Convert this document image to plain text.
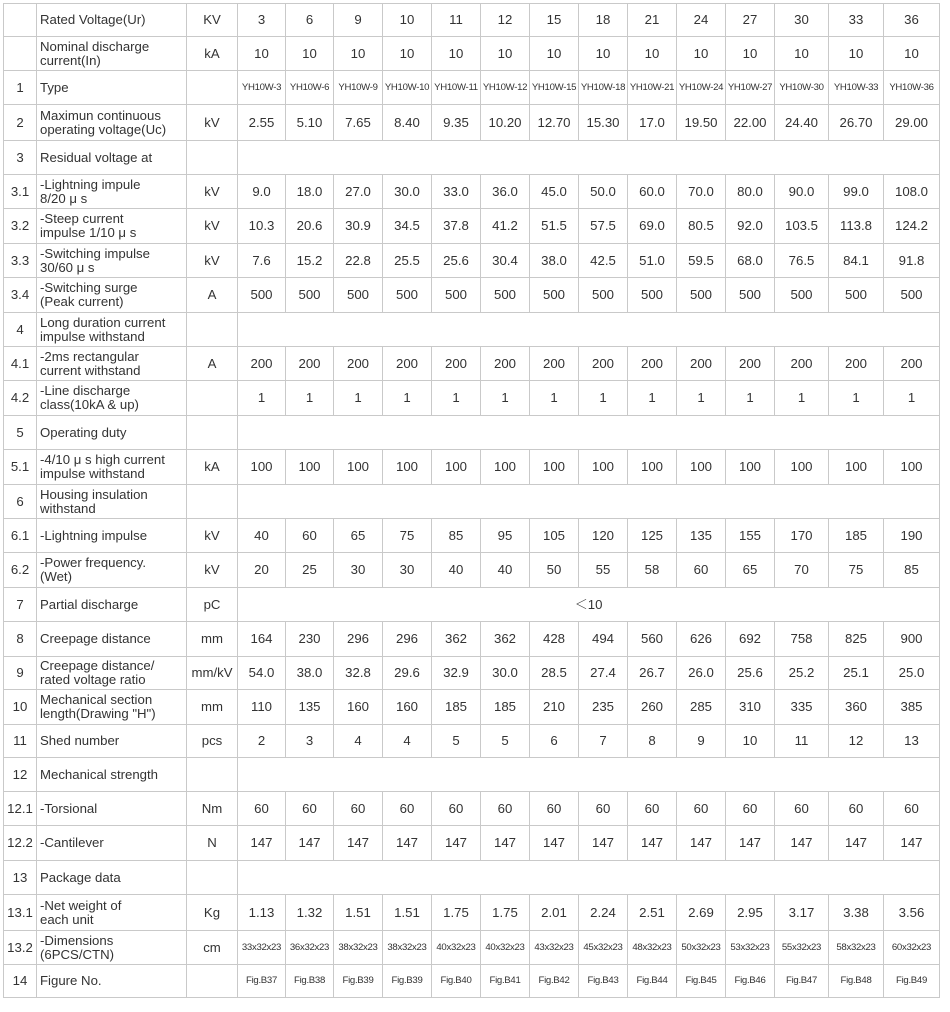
	Rated Voltage(Ur)	KV	3	6	9	10	11	12	15	18	21	24	27	30	33	36

	Nominal discharge
current(In)	kA	10	10	10	10	10	10	10	10	10	10	10	10	10	10
1	Type		YH10W-3	YH10W-6	YH10W-9	YH10W-10	YH10W-11	YH10W-12	YH10W-15	YH10W-18	YH10W-21	YH10W-24	YH10W-27	YH10W-30	YH10W-33	YH10W-36
2	Maximun continuous
operating voltage(Uc)	kV	2.55	5.10	7.65	8.40	9.35	10.20	12.70	15.30	17.0	19.50	22.00	24.40	26.70	29.00
3	Residual voltage at															

3.1	-Lightning impule
8/20 μ s	kV	9.0	18.0	27.0	30.0	33.0	36.0	45.0	50.0	60.0	70.0	80.0	90.0	99.0	108.0
3.2	-Steep current
impulse 1/10 μ s	kV	10.3	20.6	30.9	34.5	37.8	41.2	51.5	57.5	69.0	80.5	92.0	103.5	113.8	124.2
3.3	-Switching impulse
30/60 μ s	kV	7.6	15.2	22.8	25.5	25.6	30.4	38.0	42.5	51.0	59.5	68.0	76.5	84.1	91.8
3.4	-Switching surge
(Peak current)	A	500	500	500	500	500	500	500	500	500	500	500	500	500	500
4	Long duration current
impulse withstand															

4.1	-2ms rectangular
current withstand	A	200	200	200	200	200	200	200	200	200	200	200	200	200	200
4.2	-Line discharge
class(10kA & up)		1	1	1	1	1	1	1	1	1	1	1	1	1	1
5	Operating duty															

5.1	-4/10 μ s high current
impulse withstand	kA	100	100	100	100	100	100	100	100	100	100	100	100	100	100
6	Housing insulation
withstand															

6.1	-Lightning impulse	kV	40	60	65	75	85	95	105	120	125	135	155	170	185	190
6.2	-Power frequency.
(Wet)	kV	20	25	30	30	40	40	50	55	58	60	65	70	75	85
7	Partial discharge	pC	＜10													
8	Creepage distance	mm	164	230	296	296	362	362	428	494	560	626	692	758	825	900
9	Creepage distance/
rated voltage ratio	mm/kV	54.0	38.0	32.8	29.6	32.9	30.0	28.5	27.4	26.7	26.0	25.6	25.2	25.1	25.0
10	Mechanical section
length(Drawing "H")	mm	110	135	160	160	185	185	210	235	260	285	310	335	360	385
11	Shed number	pcs	2	3	4	4	5	5	6	7	8	9	10	11	12	13
12	Mechanical strength															

12.1	-Torsional	Nm	60	60	60	60	60	60	60	60	60	60	60	60	60	60
12.2	-Cantilever	N	147	147	147	147	147	147	147	147	147	147	147	147	147	147
13	Package data															

13.1	-Net weight of
each unit	Kg	1.13	1.32	1.51	1.51	1.75	1.75	2.01	2.24	2.51	2.69	2.95	3.17	3.38	3.56
13.2	-Dimensions
(6PCS/CTN)	cm	33x32x23	36x32x23	38x32x23	38x32x23	40x32x23	40x32x23	43x32x23	45x32x23	48x32x23	50x32x23	53x32x23	55x32x23	58x32x23	60x32x23
14	Figure No.		Fig.B37	Fig.B38	Fig.B39	Fig.B39	Fig.B40	Fig.B41	Fig.B42	Fig.B43	Fig.B44	Fig.B45	Fig.B46	Fig.B47	Fig.B48	Fig.B49
